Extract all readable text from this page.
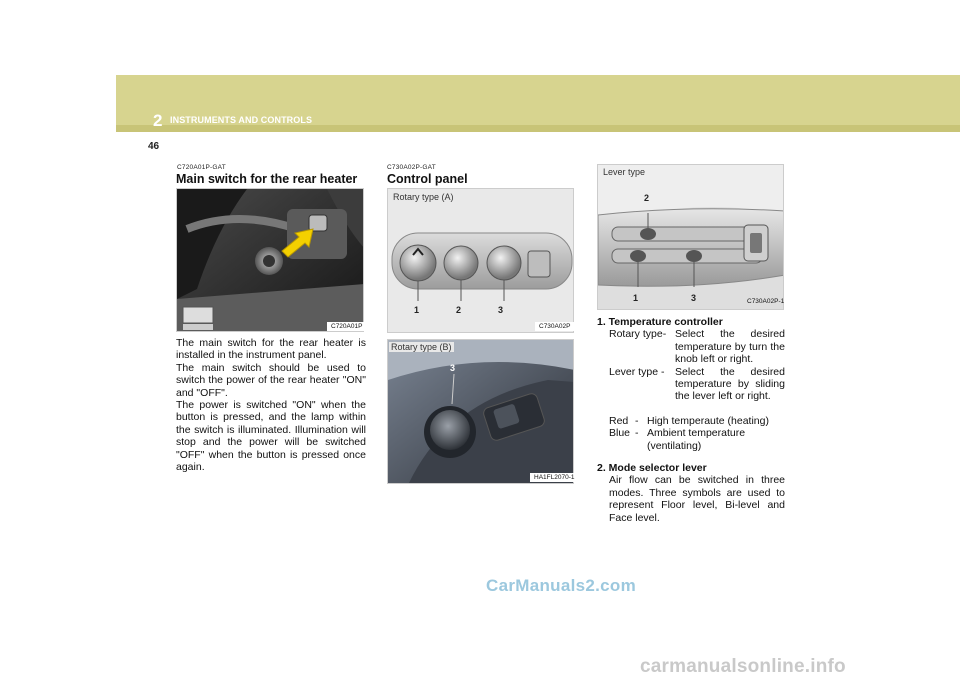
2 INSTRUMENTS AND CONTROLS
46
C720A01P-GAT
Main switch for the rear heater
C720A01P

The main switch for the rear heater is installed in the instrument panel.

The main switch should be used to switch the power of the rear heater "ON" and "OFF".

The power is switched "ON" when the button is pressed, and the lamp within the switch is illuminated. Illumination will stop and the power will be switched "OFF" when the button is pressed once again.

C730A02P-GAT
Control panel
Rotary type (A)
1	2	3
C730A02P
Rotary type (B)
3
HA1FL2070-1
Lever type
2
1	3	C730A02P-1

1. Temperature controller

Rotary type- Select the desired temperature by turn the knob left or right.
Lever type -	Select the desired temperature by sliding the lever left or right.
Red - High temperaute (heating)
Blue - Ambient temperature (ventilating)

2. Mode selector lever

Air flow can be switched in three modes. Three symbols are used to represent Floor level, Bi-level and Face level.

CarManuals2.com
carmanualsonline.info
